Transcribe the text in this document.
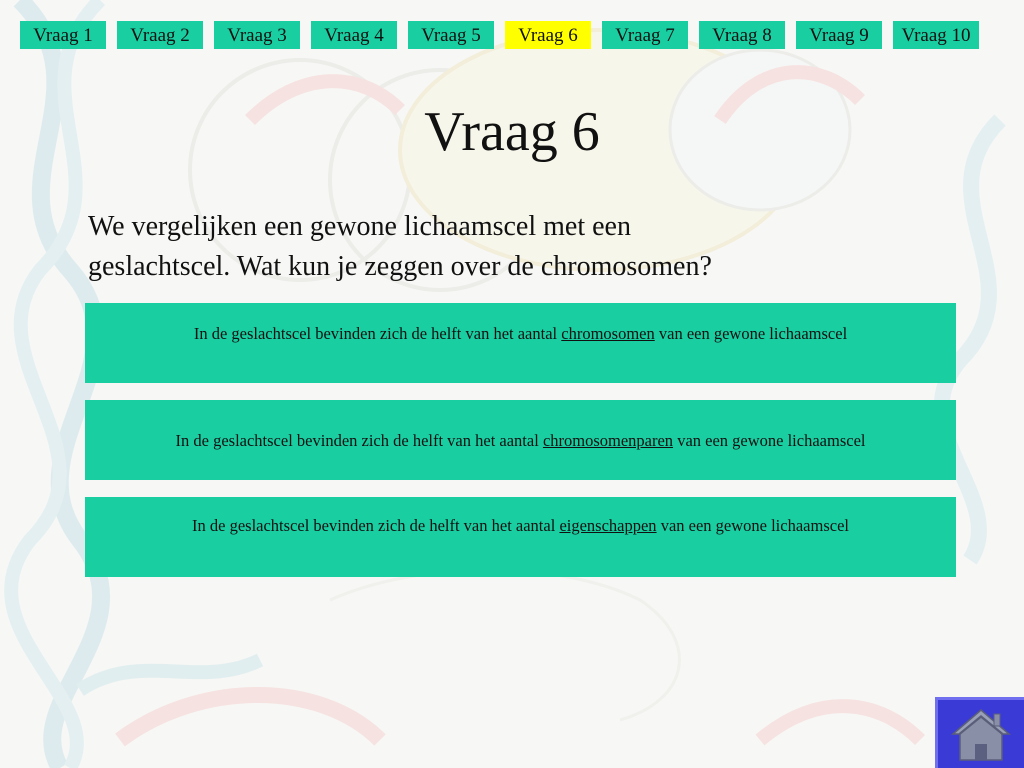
Vraag 1	Vraag 2	Vraag 3	Vraag 4	Vraag 5	Vraag 6	Vraag 7	Vraag 8	Vraag 9	Vraag 10
Vraag 6
We vergelijken een gewone lichaamscel met een
geslachtscel. Wat kun je zeggen over de chromosomen?
In de geslachtscel bevinden zich de helft van het aantal chromosomen van een gewone lichaamscel
In de geslachtscel bevinden zich de helft van het aantal chromosomenparen van een gewone lichaamscel
In de geslachtscel bevinden zich de helft van het aantal eigenschappen van een gewone lichaamscel
